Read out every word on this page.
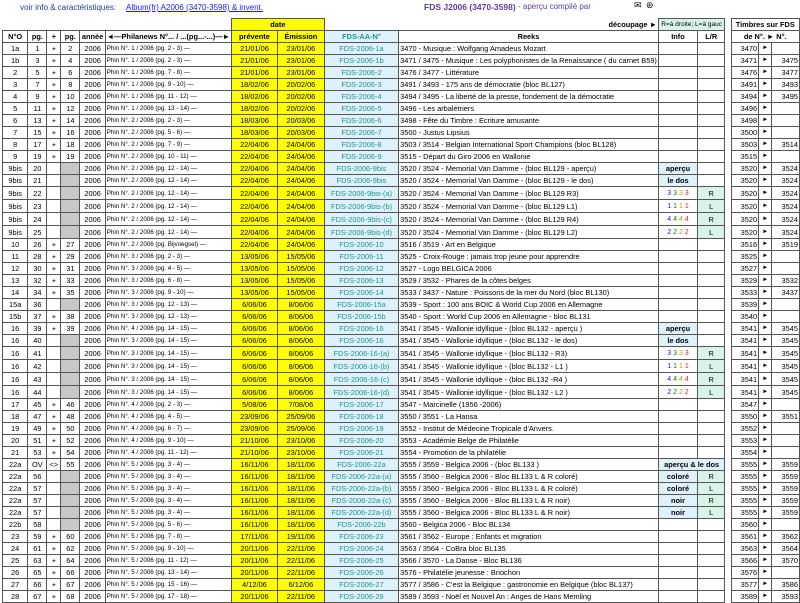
voir info & caractéristiques: Album(fr) A2006 (3470-3598) & invent.	FDS J2006 (3470-3598) - aperçu compilé par	✉ ⊛
						date		découpage ►		R=à droite; L=à gauc			Timbres sur FDS		
N°O	pg.	+	pg.	année	◄—Philanews N°... / ...(pg...-...)—►	prévente	Émission	FDS-AA-N°	Reeks	Info	L/R		de N°. ► N°.		
1a	1	+	2	2006	Phin N°. 1 / 2006 (pg. 2 - 3) —	21/01/06	23/01/06	FDS-2006-1a	3470 - Musique : Wolfgang Amadeus Mozart				3470	►	
1b	3	+	4	2006	Phin N°. 1 / 2006 (pg. 2 - 3) —	21/01/06	23/01/06	FDS-2006-1b	3471 / 3475 - Musique : Les polyphonistes de la Renaissance ( du carnet B59)				3471	►	3475
2	5	+	6	2006	Phin N°. 1 / 2006 (pg. 7 - 8) —	21/01/06	23/01/06	FDS-2006-2	3476 / 3477 - Littérature				3476	►	3477
3	7	+	8	2006	Phin N°. 1 / 2006 (pg. 9 - 10) —	18/02/06	20/02/06	FDS-2006-3	3491 / 3493 - 175 ans de démocratie (bloc BL127)				3491	►	3493
4	9	+	10	2006	Phin N°. 1 / 2006 (pg. 11 - 12) —	18/02/06	20/02/06	FDS-2006-4	3494 / 3495 - La liberté de la presse, fondement de la démocratie				3494	►	3495
5	11	+	12	2006	Phin N°. 1 / 2006 (pg. 13 - 14) —	18/02/06	20/02/06	FDS-2006-5	3496 - Les arbalétriers				3496	►	
6	13	+	14	2006	Phin N°. 2 / 2006 (pg. 2 - 3) —	18/03/06	20/03/06	FDS-2006-6	3498 - Fête du Timbre : Ecriture amusante				3498	►	
7	15	+	16	2006	Phin N°. 2 / 2006 (pg. 5 - 6) —	18/03/06	20/03/06	FDS-2006-7	3500 - Justus Lipsius				3500	►	
8	17	+	18	2006	Phin N°. 2 / 2006 (pg. 7 - 9) —	22/04/06	24/04/06	FDS-2006-8	3503 / 3514 - Belgian International Sport Champions (bloc BL128)				3503	►	3514
9	19	+	19	2006	Phin N°. 2 / 2006 (pg. 10 - 11) —	22/04/06	24/04/06	FDS-2006-9	3515 - Départ du Giro 2006 en Wallonie				3515	►	
9bis	20			2006	Phin N°. 2 / 2006 (pg. 12 - 14) —	22/04/06	24/04/06	FDS-2006-9bis	3520 / 3524 - Memorial Van Damme - (bloc BL129 - aperçu)	aperçu			3520	►	3524
9bis	21			2006	Phin N°. 2 / 2006 (pg. 12 - 14) —	22/04/06	24/04/06	FDS-2006-9bis	3520 / 3524 - Memorial Van Damme - (bloc BL129 - le dos)	le dos			3520	►	3524
9bis	22			2006	Phin N°. 2 / 2006 (pg. 12 - 14) —	22/04/06	24/04/06	FDS-2006-9bis-(a)	3520 / 3524 - Memorial Van Damme - (bloc BL129 R3)	3 3 3 3	R		3520	►	3524
9bis	23			2006	Phin N°. 2 / 2006 (pg. 12 - 14) —	22/04/06	24/04/06	FDS-2006-9bis-(b)	3520 / 3524 - Memorial Van Damme - (bloc BL129 L1)	1 1 1 1	L		3520	►	3524
9bis	24			2006	Phin N°. 2 / 2006 (pg. 12 - 14) —	22/04/06	24/04/06	FDS-2006-9bis-(c)	3520 / 3524 - Memorial Van Damme - (bloc BL129 R4)	4 4 4 4	R		3520	►	3524
9bis	25			2006	Phin N°. 2 / 2006 (pg. 12 - 14) —	22/04/06	24/04/06	FDS-2006-9bis-(d)	3520 / 3524 - Memorial Van Damme - (bloc BL129 L2)	2 2 2 2	L		3520	►	3524
10	26	+	27	2006	Phin N°. 2 / 2006 (pg. Bijvoegsel) —	22/04/06	24/04/06	FDS-2006-10	3516 / 3519 - Art en Belgique				3516	►	3519
11	28	+	29	2006	Phin N°. 3 / 2006 (pg. 2 - 3) —	13/05/06	15/05/06	FDS-2006-11	3525 - Croix-Rouge : jamais trop jeune pour apprendre				3525	►	
12	30	+	31	2006	Phin N°. 3 / 2006 (pg. 4 - 5) —	13/05/06	15/05/06	FDS-2006-12	3527 - Logo BELGICA 2006				3527	►	
13	32	+	33	2006	Phin N°. 3 / 2006 (pg. 6 - 8) —	13/05/06	15/05/06	FDS-2006-13	3529 / 3532 - Phares de la côtes belges				3529	►	3532
14	34	+	35	2006	Phin N°. 3 / 2006 (pg. 9 - 10) —	13/05/06	15/05/06	FDS-2006-14	3533 / 3437 - Nature : Poissons de la mer du Nord (bloc BL130)				3533	►	3437
15a	36			2006	Phin N°. 3 / 2006 (pg. 12 - 13) —	6/06/06	8/06/06	FDS-2006-15a	3539 - Sport : 100 ans BOIC & World Cup 2006 en Allemagne				3539	►	
15b	37	+	38	2006	Phin N°. 3 / 2006 (pg. 12 - 13) —	6/06/06	8/06/06	FDS-2006-15b	3540 - Sport : World Cup 2006 en Allemagne - bloc BL131				3540	►	
16	39	+	39	2006	Phin N°. 4 / 2006 (pg. 14 - 15) —	6/06/06	8/06/06	FDS-2006-16	3541 / 3545 - Wallonie idyllique - (bloc BL132 - aperçu )	aperçu			3541	►	3545
16	40			2006	Phin N°. 3 / 2006 (pg. 14 - 15) —	6/06/06	8/06/06	FDS-2006-16	3541 / 3545 - Wallonie idyllique - (bloc BL132 - le dos)	le dos			3541	►	3545
16	41			2006	Phin N°. 3 / 2006 (pg. 14 - 15) —	6/06/06	8/06/06	FDS-2006-16-(a)	3541 / 3545 - Wallonie idyllique - (bloc BL132 - R3)	3 3 3 3	R		3541	►	3545
16	42			2006	Phin N°. 3 / 2006 (pg. 14 - 15) —	6/06/06	8/06/06	FDS-2006-16-(b)	3541 / 3545 - Wallonie idyllique - (bloc BL132 - L1 )	1 1 1 1	L		3541	►	3545
16	43			2006	Phin N°. 3 / 2006 (pg. 14 - 15) —	6/06/06	8/06/06	FDS-2006-16-(c)	3541 / 3545 - Wallonie idyllique - (bloc BL132 -R4 )	4 4 4 4	R		3541	►	3545
16	44			2006	Phin N°. 3 / 2006 (pg. 14 - 15) —	6/06/06	8/06/06	FDS-2006-16-(d)	3541 / 3545 - Wallonie idyllique - (bloc BL132 - L2 )	2 2 2 2	L		3541	►	3545
17	45	+	46	2006	Phin N°. 4 / 2006 (pg. 2 - 3) —	5/08/06	7/08/06	FDS-2006-17	3547 - Marcinelle (1956 -2006)				3547	►	
18	47	+	48	2006	Phin N°. 4 / 2006 (pg. 4 - 5) —	23/09/06	25/09/06	FDS-2006-18	3550 / 3551 - La Hansa				3550	►	3551
19	49	+	50	2006	Phin N°. 4 / 2006 (pg. 6 - 7) —	23/09/06	25/09/06	FDS-2006-19	3552 - Institut de Médecine Tropicale d'Anvers.				3552	►	
20	51	+	52	2006	Phin N°. 4 / 2006 (pg. 9 - 10) —	21/10/06	23/10/06	FDS-2006-20	3553 - Académie Belge de Philatélie				3553	►	
21	53	+	54	2006	Phin N°. 4 / 2006 (pg. 11 - 12) —	21/10/06	23/10/06	FDS-2006-21	3554 - Promotion de la philatélie				3554	►	
22a	OV	<>	55	2006	Phin N°. 5 / 2006 (pg. 3 - 4) —	16/11/06	18/11/06	FDS-2006-22a	3555 / 3559 - Belgica 2006 - (bloc BL133 )	aperçu & le dos			3555	►	3559
22a	56			2006	Phin N°. 5 / 2006 (pg. 3 - 4) —	16/11/06	18/11/06	FDS-2006-22a-(a)	3555 / 3560 - Belgica 2006 - Bloc BL133 L & R coloré)	coloré	R		3555	►	3559
22a	57			2006	Phin N°. 5 / 2006 (pg. 3 - 4) —	16/11/06	18/11/06	FDS-2006-22a-(b)	3555 / 3560 - Belgica 2006 - Bloc BL133 L & R coloré)	coloré	L		3555	►	3559
22a	57			2006	Phin N°. 5 / 2006 (pg. 3 - 4) —	16/11/06	18/11/06	FDS-2006-22a-(c)	3555 / 3560 - Belgica 2006 - Bloc BL133 L & R noir)	noir	R		3555	►	3559
22a	57			2006	Phin N°. 5 / 2006 (pg. 3 - 4) —	16/11/06	18/11/06	FDS-2006-22a-(d)	3555 / 3560 - Belgica 2006 - Bloc BL133 L & R noir)	noir	L		3555	►	3559
22b	58			2006	Phin N°. 5 / 2006 (pg. 5 - 6) —	16/11/06	18/11/06	FDS-2006-22b	3560 - Belgica 2006 - Bloc BL134				3560	►	
23	59	+	60	2006	Phin N°. 5 / 2006 (pg. 7 - 8) —	17/11/06	19/11/06	FDS-2006-23	3561 / 3562 - Europe : Enfants et migration				3561	►	3562
24	61	+	62	2006	Phin N°. 5 / 2006 (pg. 9 - 10) —	20/11/06	22/11/06	FDS-2006-24	3563 / 3564 - CoBra bloc BL135				3563	►	3564
25	63	+	64	2006	Phin N°. 5 / 2006 (pg. 11 - 12) —	20/11/06	22/11/06	FDS-2006-25	3566 / 3570 - La Danse - Bloc BL136				3566	►	3570
26	65	+	66	2006	Phin N°. 5 / 2006 (pg. 13 - 14) —	20/11/06	22/11/06	FDS-2006-26	3576 - Philatélie jeunesse : Briochon				3576	►	
27	66	+	67	2006	Phin N°. 5 / 2006 (pg. 15 - 16) —	4/12/06	6/12/06	FDS-2006-27	3577 / 3586 - C'est la Belgique : gastronomie en Belgique (bloc BL137)				3577	►	3586
28	67	+	68	2006	Phin N°. 5 / 2006 (pg. 17 - 18) —	20/11/06	22/11/06	FDS-2006-28	3589 / 3593 - Noël et Nouvel An : Anges de Hans Memling				3589	►	3593
